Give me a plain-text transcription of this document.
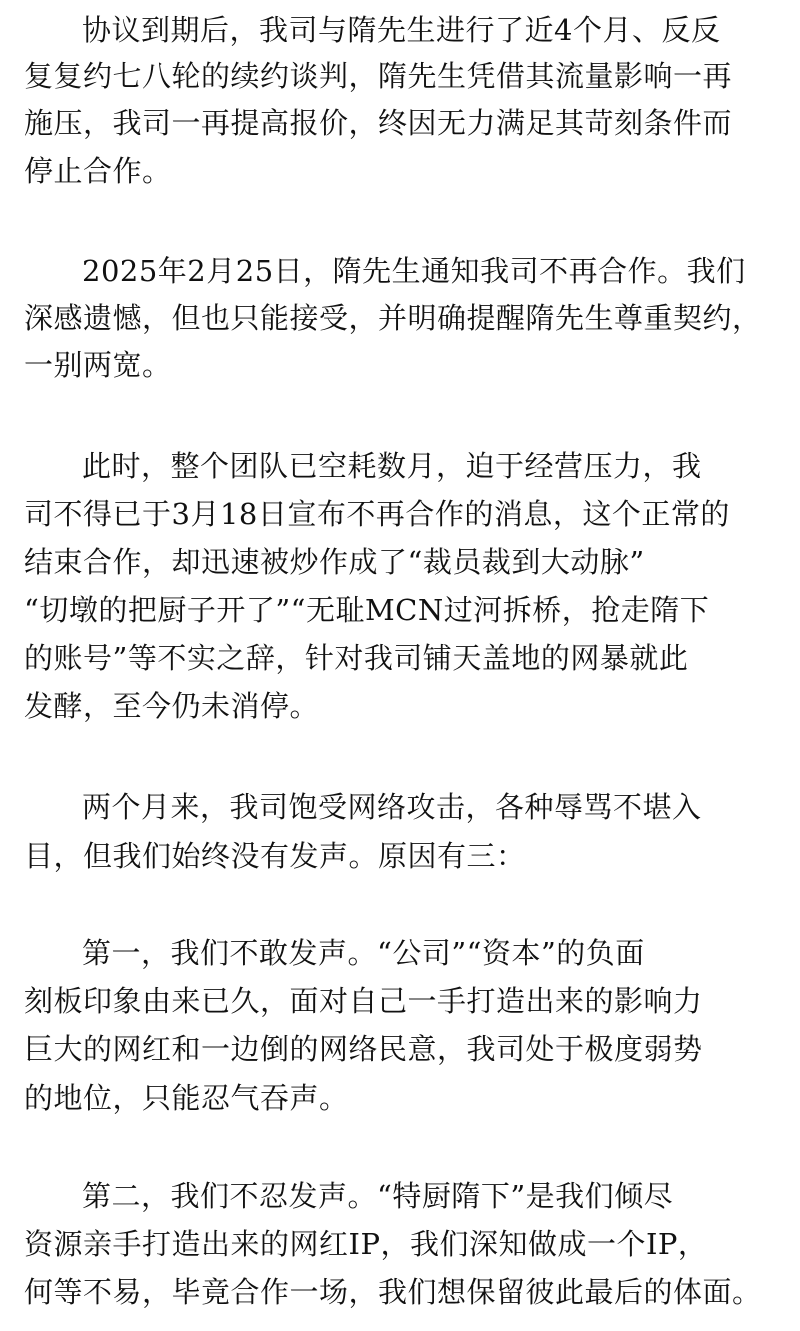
协议到期后，我司与隋先生进行了近4个月、反反
复复约七八轮的续约谈判，隋先生凭借其流量影响一再
施压，我司一再提高报价，终因无力满足其苛刻条件而
停止合作。
2025年2月25日，隋先生通知我司不再合作。我们
深感遗憾，但也只能接受，并明确提醒隋先生尊重契约，
一别两宽。
此时，整个团队已空耗数月，迫于经营压力，我
司不得已于3月18日宣布不再合作的消息，这个正常的
结束合作，却迅速被炒作成了“裁员裁到大动脉”
“切墩的把厨子开了”“无耻MCN过河拆桥，抢走隋下
的账号”等不实之辞，针对我司铺天盖地的网暴就此
发酵，至今仍未消停。
两个月来，我司饱受网络攻击，各种辱骂不堪入
目，但我们始终没有发声。原因有三：
第一，我们不敢发声。“公司”“资本”的负面
刻板印象由来已久，面对自己一手打造出来的影响力
巨大的网红和一边倒的网络民意，我司处于极度弱势
的地位，只能忍气吞声。
第二，我们不忍发声。“特厨隋下”是我们倾尽
资源亲手打造出来的网红IP，我们深知做成一个IP，
何等不易，毕竟合作一场，我们想保留彼此最后的体面。
